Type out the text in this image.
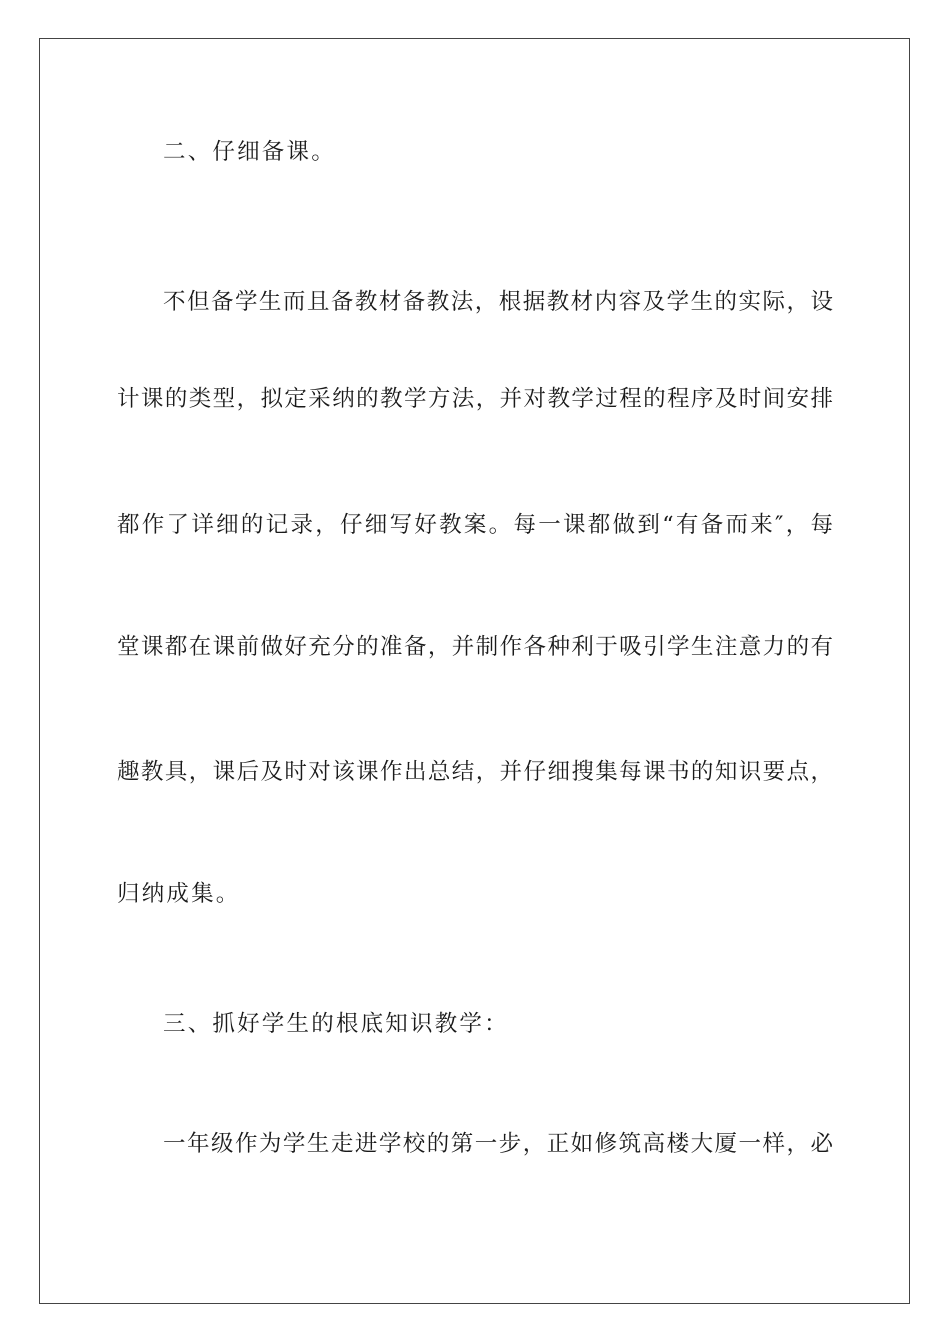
二、仔细备课。
不但备学生而且备教材备教法，根据教材内容及学生的实际，设
计课的类型，拟定采纳的教学方法，并对教学过程的程序及时间安排
都作了详细的记录，仔细写好教案。每一课都做到“有备而来″，每
堂课都在课前做好充分的准备，并制作各种利于吸引学生注意力的有
趣教具，课后及时对该课作出总结，并仔细搜集每课书的知识要点，
归纳成集。
三、抓好学生的根底知识教学：
一年级作为学生走进学校的第一步，正如修筑高楼大厦一样，必
